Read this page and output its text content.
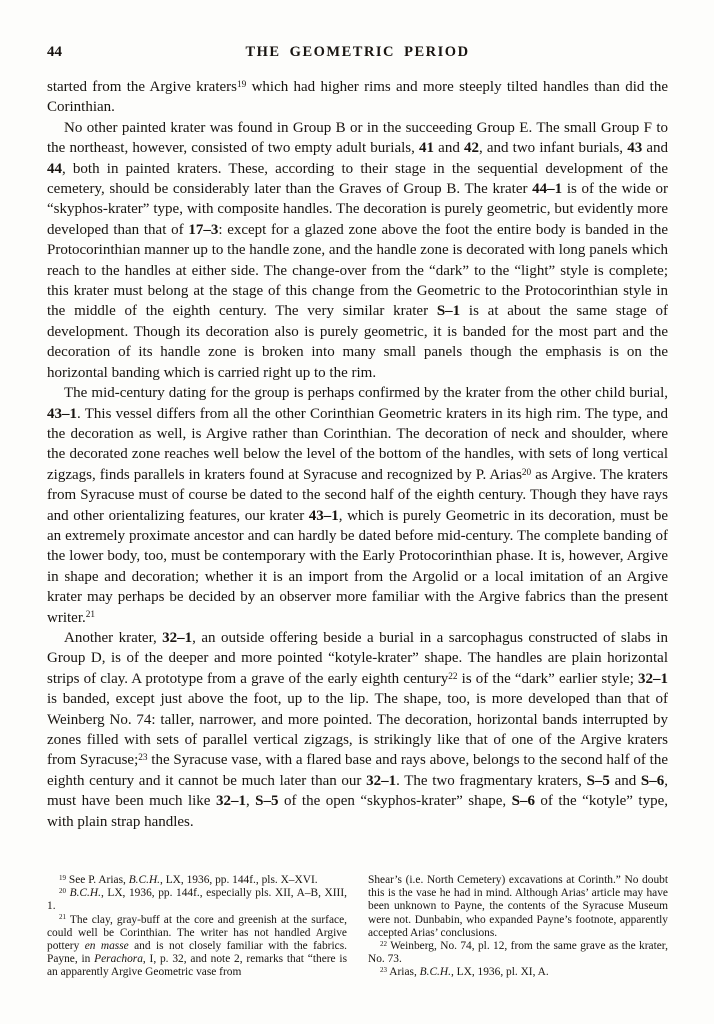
44	THE GEOMETRIC PERIOD

started from the Argive kraters$^{19}$ which had higher rims and more steeply tilted handles than did the Corinthian.

No other painted krater was found in Group B or in the succeeding Group E. The small Group F to the northeast, however, consisted of two empty adult burials, 41 and 42, and two infant burials, 43 and 44, both in painted kraters. These, according to their stage in the sequential development of the cemetery, should be considerably later than the Graves of Group B. The krater 44–1 is of the wide or “skyphos-krater” type, with composite handles. The decoration is purely geometric, but evidently more developed than that of 17–3: except for a glazed zone above the foot the entire body is banded in the Protocorinthian manner up to the handle zone, and the handle zone is decorated with long panels which reach to the handles at either side. The change-over from the “dark” to the “light” style is complete; this krater must belong at the stage of this change from the Geometric to the Protocorinthian style in the middle of the eighth century. The very similar krater S–1 is at about the same stage of development. Though its decoration also is purely geometric, it is banded for the most part and the decoration of its handle zone is broken into many small panels though the emphasis is on the horizontal banding which is carried right up to the rim.

The mid-century dating for the group is perhaps confirmed by the krater from the other child burial, 43–1. This vessel differs from all the other Corinthian Geometric kraters in its high rim. The type, and the decoration as well, is Argive rather than Corinthian. The decoration of neck and shoulder, where the decorated zone reaches well below the level of the bottom of the handles, with sets of long vertical zigzags, finds parallels in kraters found at Syracuse and recognized by P. Arias$^{20}$ as Argive. The kraters from Syracuse must of course be dated to the second half of the eighth century. Though they have rays and other orientalizing features, our krater 43–1, which is purely Geometric in its decoration, must be an extremely proximate ancestor and can hardly be dated before mid-century. The complete banding of the lower body, too, must be contemporary with the Early Protocorinthian phase. It is, however, Argive in shape and decoration; whether it is an import from the Argolid or a local imitation of an Argive krater may perhaps be decided by an observer more familiar with the Argive fabrics than the present writer.$^{21}$

Another krater, 32–1, an outside offering beside a burial in a sarcophagus constructed of slabs in Group D, is of the deeper and more pointed “kotyle-krater” shape. The handles are plain horizontal strips of clay. A prototype from a grave of the early eighth century$^{22}$ is of the “dark” earlier style; 32–1 is banded, except just above the foot, up to the lip. The shape, too, is more developed than that of Weinberg No. 74: taller, narrower, and more pointed. The decoration, horizontal bands interrupted by zones filled with sets of parallel vertical zigzags, is strikingly like that of one of the Argive kraters from Syracuse;$^{23}$ the Syracuse vase, with a flared base and rays above, belongs to the second half of the eighth century and it cannot be much later than our 32–1. The two fragmentary kraters, S–5 and S–6, must have been much like 32–1, S–5 of the open “skyphos-krater” shape, S–6 of the “kotyle” type, with plain strap handles.

$^{19}$ See P. Arias, B.C.H., LX, 1936, pp. 144f., pls. X–XVI.

$^{20}$ B.C.H., LX, 1936, pp. 144f., especially pls. XII, A–B, XIII, 1.

$^{21}$ The clay, gray-buff at the core and greenish at the surface, could well be Corinthian. The writer has not handled Argive pottery en masse and is not closely familiar with the fabrics. Payne, in Perachora, I, p. 32, and note 2, remarks that “there is an apparently Argive Geometric vase from

Shear’s (i.e. North Cemetery) excavations at Corinth.” No doubt this is the vase he had in mind. Although Arias’ article may have been unknown to Payne, the contents of the Syracuse Museum were not. Dunbabin, who expanded Payne’s footnote, apparently accepted Arias’ conclusions.

$^{22}$ Weinberg, No. 74, pl. 12, from the same grave as the krater, No. 73.

$^{23}$ Arias, B.C.H., LX, 1936, pl. XI, A.
